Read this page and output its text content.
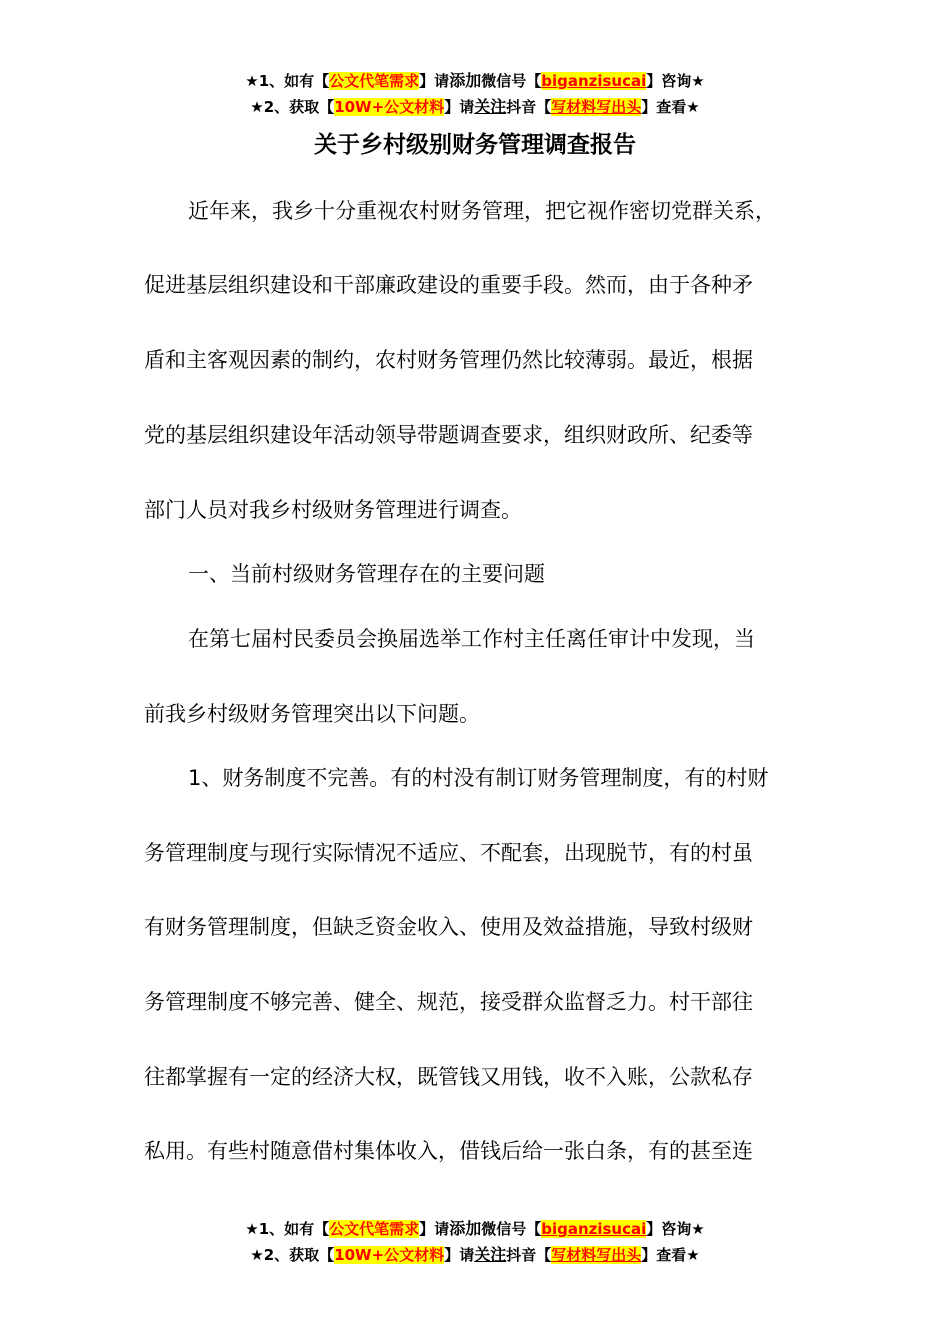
★1、如有【公文代笔需求】请添加微信号【biganzisucai】咨询★
★2、获取【10W+公文材料】请关注抖音【写材料写出头】查看★
关于乡村级别财务管理调查报告

近年来，我乡十分重视农村财务管理，把它视作密切党群关系，

促进基层组织建设和干部廉政建设的重要手段。然而，由于各种矛

盾和主客观因素的制约，农村财务管理仍然比较薄弱。最近，根据

党的基层组织建设年活动领导带题调查要求，组织财政所、纪委等

部门人员对我乡村级财务管理进行调查。

一、当前村级财务管理存在的主要问题

在第七届村民委员会换届选举工作村主任离任审计中发现，当

前我乡村级财务管理突出以下问题。

1、财务制度不完善。有的村没有制订财务管理制度，有的村财

务管理制度与现行实际情况不适应、不配套，出现脱节，有的村虽

有财务管理制度，但缺乏资金收入、使用及效益措施，导致村级财

务管理制度不够完善、健全、规范，接受群众监督乏力。村干部往

往都掌握有一定的经济大权，既管钱又用钱，收不入账，公款私存

私用。有些村随意借村集体收入，借钱后给一张白条，有的甚至连

★1、如有【公文代笔需求】请添加微信号【biganzisucai】咨询★
★2、获取【10W+公文材料】请关注抖音【写材料写出头】查看★
